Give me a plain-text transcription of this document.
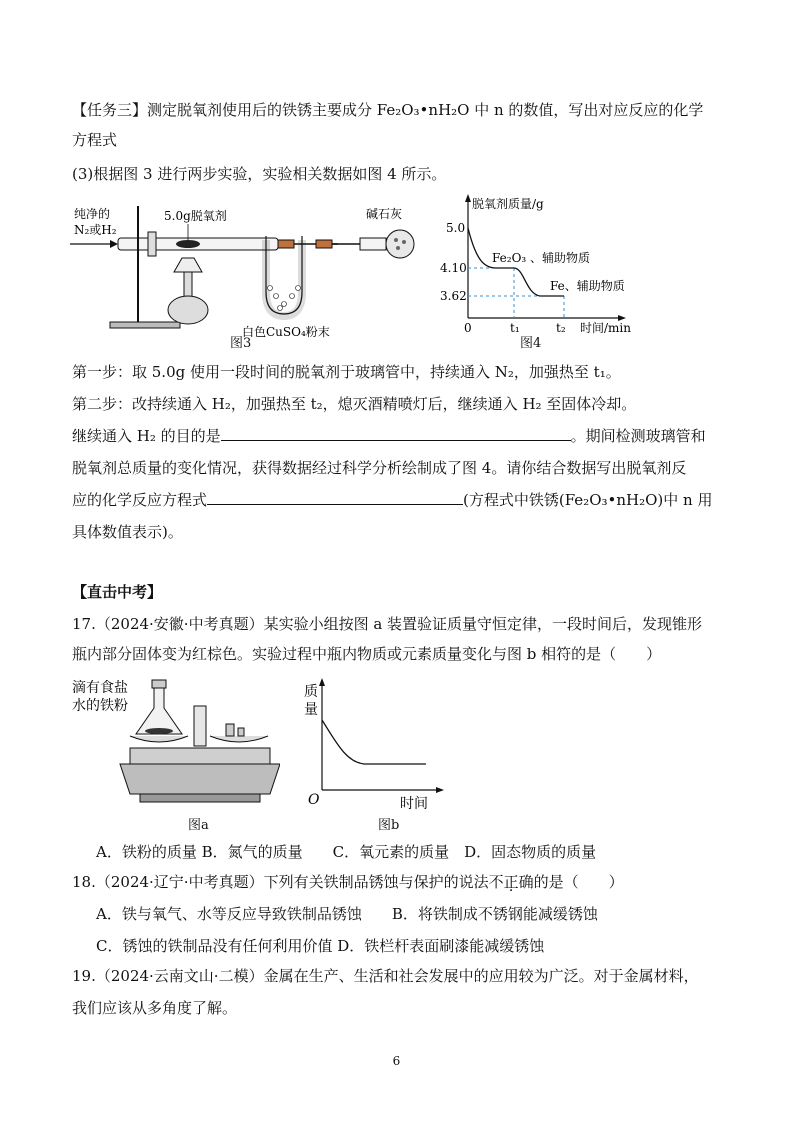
【任务三】测定脱氧剂使用后的铁锈主要成分 Fe₂O₃•nH₂O 中 n 的数值，写出对应反应的化学
方程式
(3)根据图 3 进行两步实验，实验相关数据如图 4 所示。
纯净的
N₂或H₂
5.0g脱氧剂
白色CuSO₄粉末
碱石灰
图3
脱氧剂质量/g
时间/min
5.0
4.10
3.62
0	t₁	t₂
Fe₂O₃ 、辅助物质
Fe、辅助物质
图4
第一步：取 5.0g 使用一段时间的脱氧剂于玻璃管中，持续通入 N₂，加强热至 t₁。
第二步：改持续通入 H₂，加强热至 t₂，熄灭酒精喷灯后，继续通入 H₂ 至固体冷却。
继续通入 H₂ 的目的是	。期间检测玻璃管和
脱氧剂总质量的变化情况，获得数据经过科学分析绘制成了图 4。请你结合数据写出脱氧剂反
应的化学反应方程式	(方程式中铁锈(Fe₂O₃•nH₂O)中 n 用
具体数值表示)。
【直击中考】
17.（2024·安徽·中考真题）某实验小组按图 a 装置验证质量守恒定律，一段时间后，发现锥形
瓶内部分固体变为红棕色。实验过程中瓶内物质或元素质量变化与图 b 相符的是（　　）
滴有食盐
水的铁粉
图a
质
量
O	时间
图b
A．铁粉的质量 B．氮气的质量　　C．氧元素的质量　D．固态物质的质量
18.（2024·辽宁·中考真题）下列有关铁制品锈蚀与保护的说法不正确的是（　　）
A．铁与氧气、水等反应导致铁制品锈蚀　　B．将铁制成不锈钢能减缓锈蚀
C．锈蚀的铁制品没有任何利用价值 D．铁栏杆表面刷漆能减缓锈蚀
19.（2024·云南文山·二模）金属在生产、生活和社会发展中的应用较为广泛。对于金属材料，
我们应该从多角度了解。
6
